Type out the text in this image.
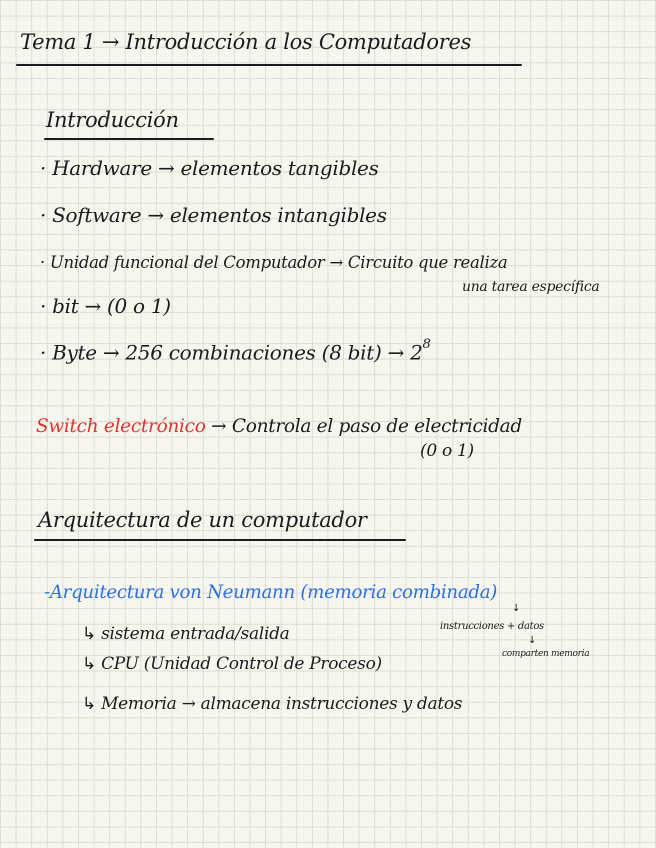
Tema 1 → Introducción a los Computadores
Introducción
· Hardware → elementos tangibles
· Software → elementos intangibles
· Unidad funcional del Computador → Circuito que realiza
una tarea específica
· bit → (0 o 1)
· Byte → 256 combinaciones (8 $bit) \to 2^8$
Switch electrónico → Controla el paso de electricidad
(0 o 1)
Arquitectura de un computador
-Arquitectura von Neumann (memoria combinada)
↓
instrucciones + datos
↓
comparten memoria
↳ sistema entrada/salida
↳ CPU (Unidad Control de Proceso)
↳ Memoria → almacena instrucciones y datos
